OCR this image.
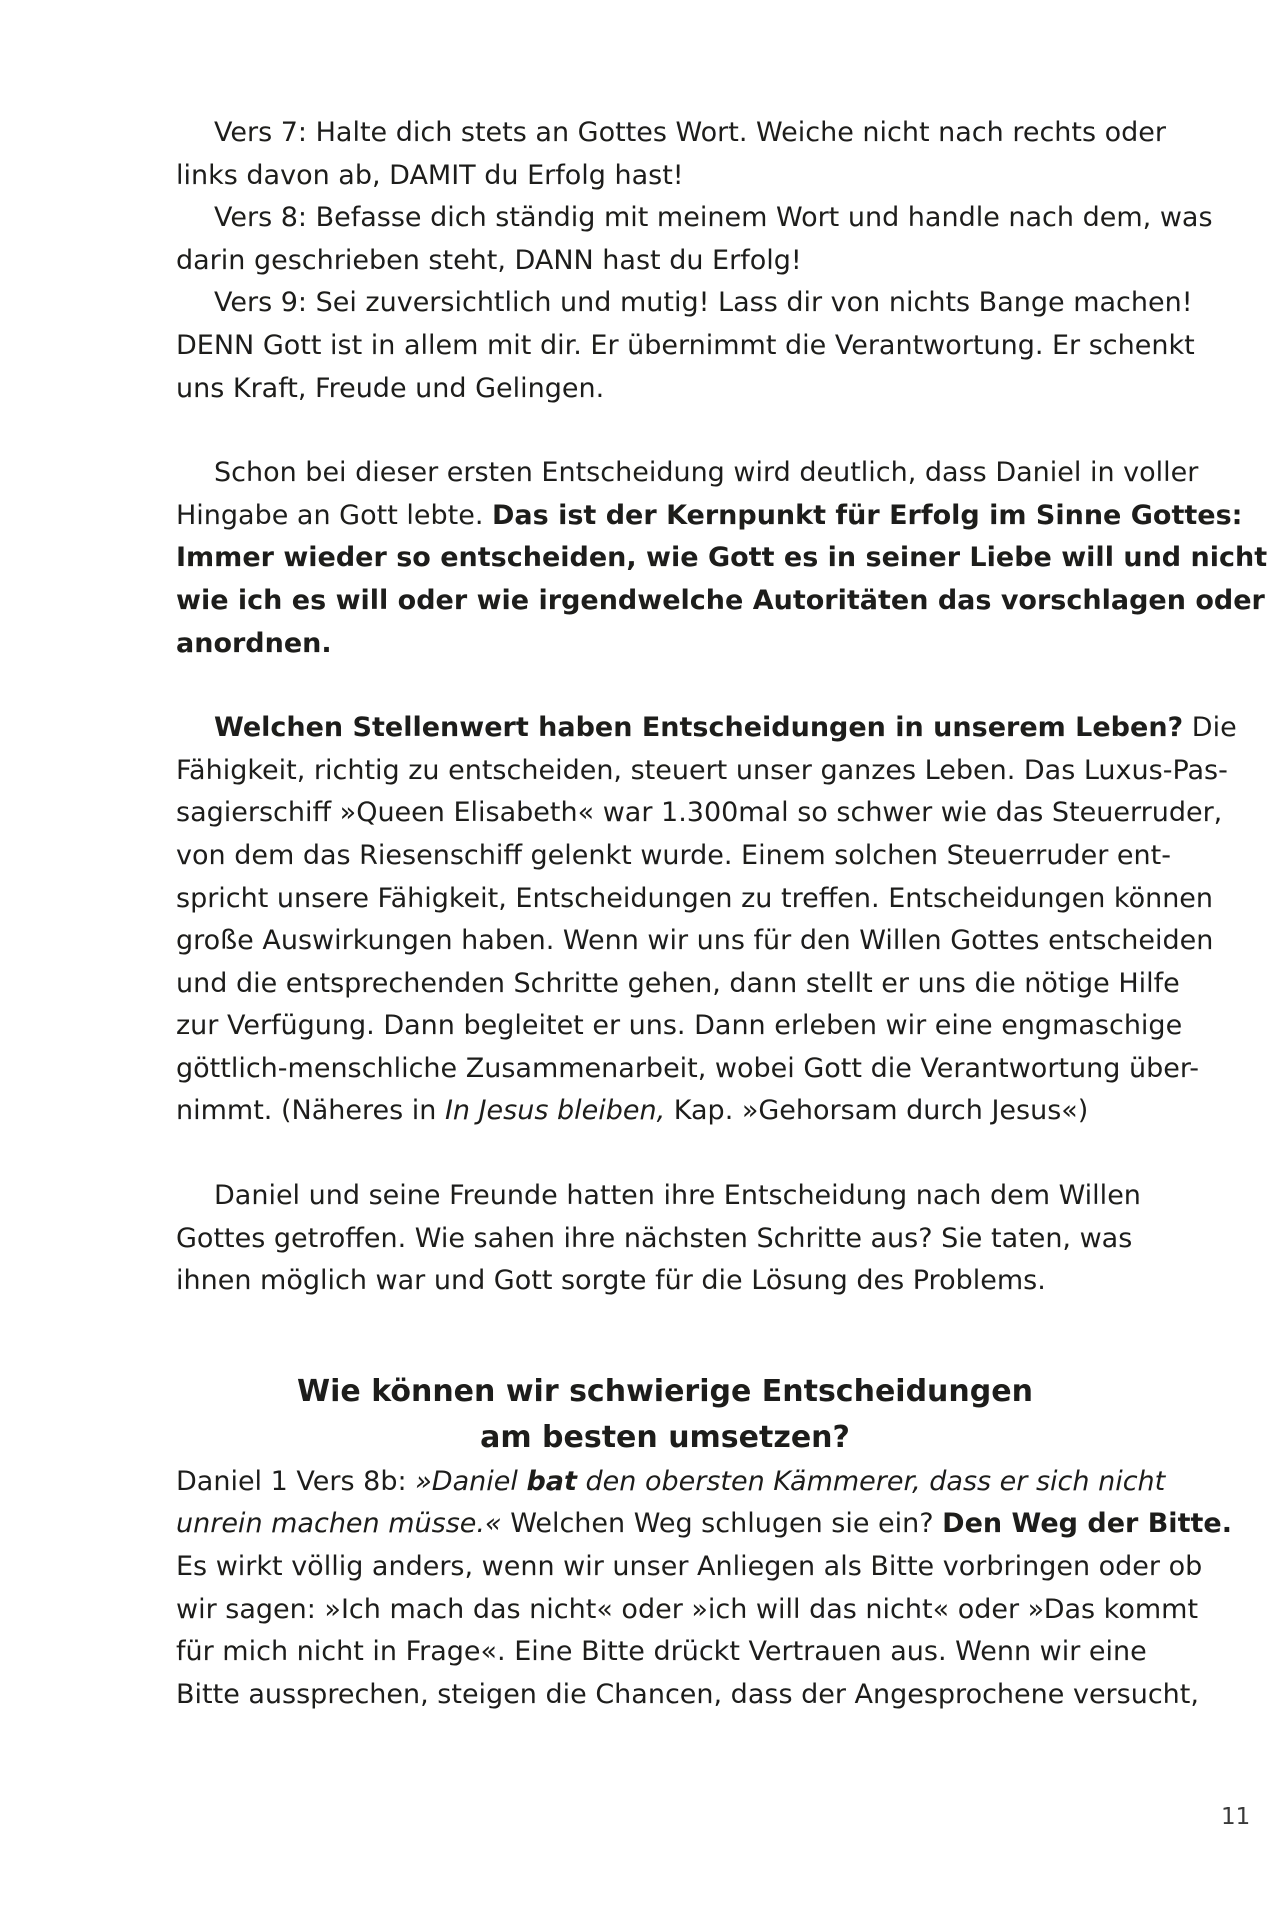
Vers 7: Halte dich stets an Gottes Wort. Weiche nicht nach rechts oder
links davon ab, DAMIT du Erfolg hast!

Vers 8: Befasse dich ständig mit meinem Wort und handle nach dem, was
darin geschrieben steht, DANN hast du Erfolg!

Vers 9: Sei zuversichtlich und mutig! Lass dir von nichts Bange machen!
DENN Gott ist in allem mit dir. Er übernimmt die Verantwortung. Er schenkt
uns Kraft, Freude und Gelingen.

Schon bei dieser ersten Entscheidung wird deutlich, dass Daniel in voller
Hingabe an Gott lebte. Das ist der Kernpunkt für Erfolg im Sinne Gottes:
Immer wieder so entscheiden, wie Gott es in seiner Liebe will und nicht
wie ich es will oder wie irgendwelche Autoritäten das vorschlagen oder
anordnen.

Welchen Stellenwert haben Entscheidungen in unserem Leben? Die
Fähigkeit, richtig zu entscheiden, steuert unser ganzes Leben. Das Luxus-Pas-
sagierschiff »Queen Elisabeth« war 1.300mal so schwer wie das Steuerruder,
von dem das Riesenschiff gelenkt wurde. Einem solchen Steuerruder ent-
spricht unsere Fähigkeit, Entscheidungen zu treffen. Entscheidungen können
große Auswirkungen haben. Wenn wir uns für den Willen Gottes entscheiden
und die entsprechenden Schritte gehen, dann stellt er uns die nötige Hilfe
zur Verfügung. Dann begleitet er uns. Dann erleben wir eine engmaschige
göttlich-menschliche Zusammenarbeit, wobei Gott die Verantwortung über-
nimmt. (Näheres in In Jesus bleiben, Kap. »Gehorsam durch Jesus«)

Daniel und seine Freunde hatten ihre Entscheidung nach dem Willen
Gottes getroffen. Wie sahen ihre nächsten Schritte aus? Sie taten, was
ihnen möglich war und Gott sorgte für die Lösung des Problems.

Wie können wir schwierige Entscheidungen
am besten umsetzen?

Daniel 1 Vers 8b: »Daniel bat den obersten Kämmerer, dass er sich nicht
unrein machen müsse.« Welchen Weg schlugen sie ein? Den Weg der Bitte.
Es wirkt völlig anders, wenn wir unser Anliegen als Bitte vorbringen oder ob
wir sagen: »Ich mach das nicht« oder »ich will das nicht« oder »Das kommt
für mich nicht in Frage«. Eine Bitte drückt Vertrauen aus. Wenn wir eine
Bitte aussprechen, steigen die Chancen, dass der Angesprochene versucht,

11
